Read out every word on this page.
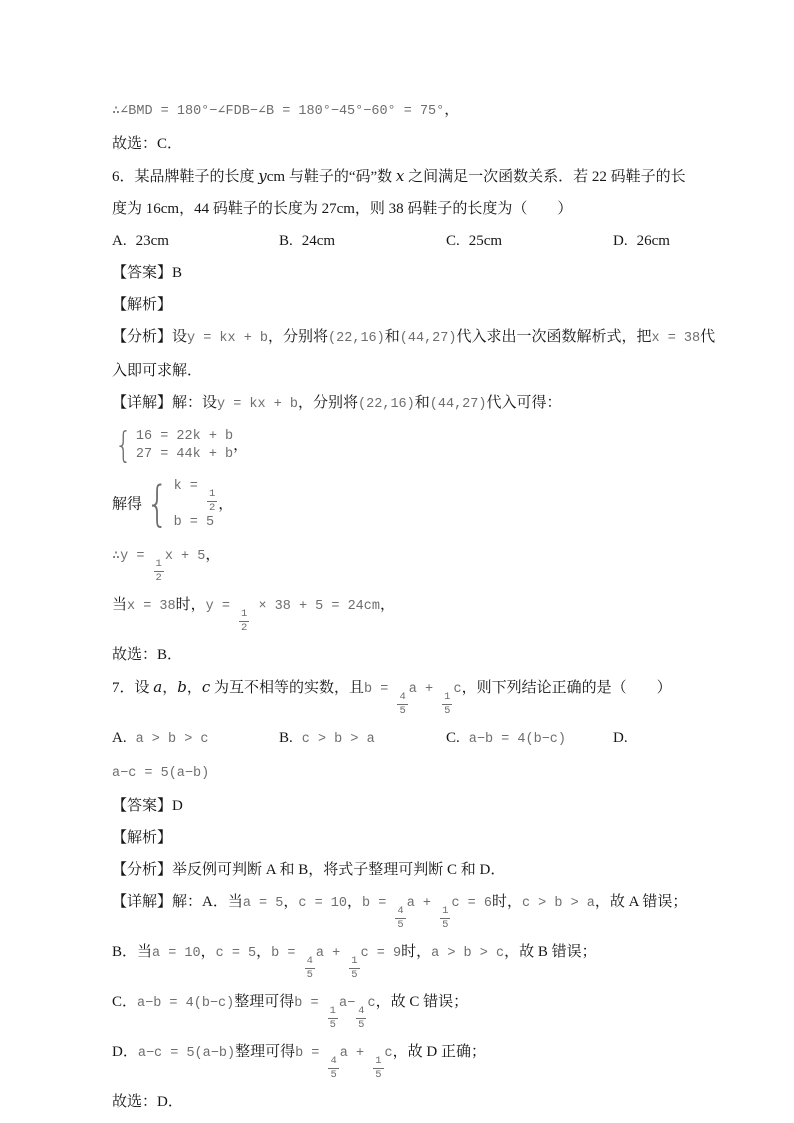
∴∠BMD = 180°−∠FDB−∠B = 180°−45°−60° = 75°，
故选：C．
6．某品牌鞋子的长度 ycm 与鞋子的“码”数 x 之间满足一次函数关系．若 22 码鞋子的长
度为 16cm，44 码鞋子的长度为 27cm，则 38 码鞋子的长度为（　　）
A. 23cm	B. 24cm	C. 25cm	D. 26cm
【答案】B
【解析】
【分析】设y = kx + b，分别将(22,16)和(44,27)代入求出一次函数解析式，把x = 38代
入即可求解．
【详解】解：设y = kx + b，分别将(22,16)和(44,27)代入可得：
{ 16 = 22k + b
27 = 44k + b
，
解得 { k =
$\frac{1}{2}$
b = 5
，
∴y =
$\frac{1}{2}$
x + 5，
当x = 38时，y =
$\frac{1}{2}$
× 38 + 5 = 24cm，
故选：B．
7．设 a，b，c 为互不相等的实数，且b =
$\frac{4}{5}$
a +
$\frac{1}{5}$
c，则下列结论正确的是（　　）
A. a > b > c	B. c > b > a	C. a−b = 4(b−c)	D.
a−c = 5(a−b)
【答案】D
【解析】
【分析】举反例可判断 A 和 B，将式子整理可判断 C 和 D．
【详解】解：A．当a = 5，c = 10，b =
$\frac{4}{5}$
a +
$\frac{1}{5}$
c = 6时，c > b > a，故 A 错误；
B．当a = 10，c = 5，b =
$\frac{4}{5}$
a +
$\frac{1}{5}$
c = 9时，a > b > c，故 B 错误；
C．a−b = 4(b−c)整理可得b =
$\frac{1}{5}$
a−
$\frac{4}{5}$
c，故 C 错误；
D．a−c = 5(a−b)整理可得b =
$\frac{4}{5}$
a +
$\frac{1}{5}$
c，故 D 正确；
故选：D．
